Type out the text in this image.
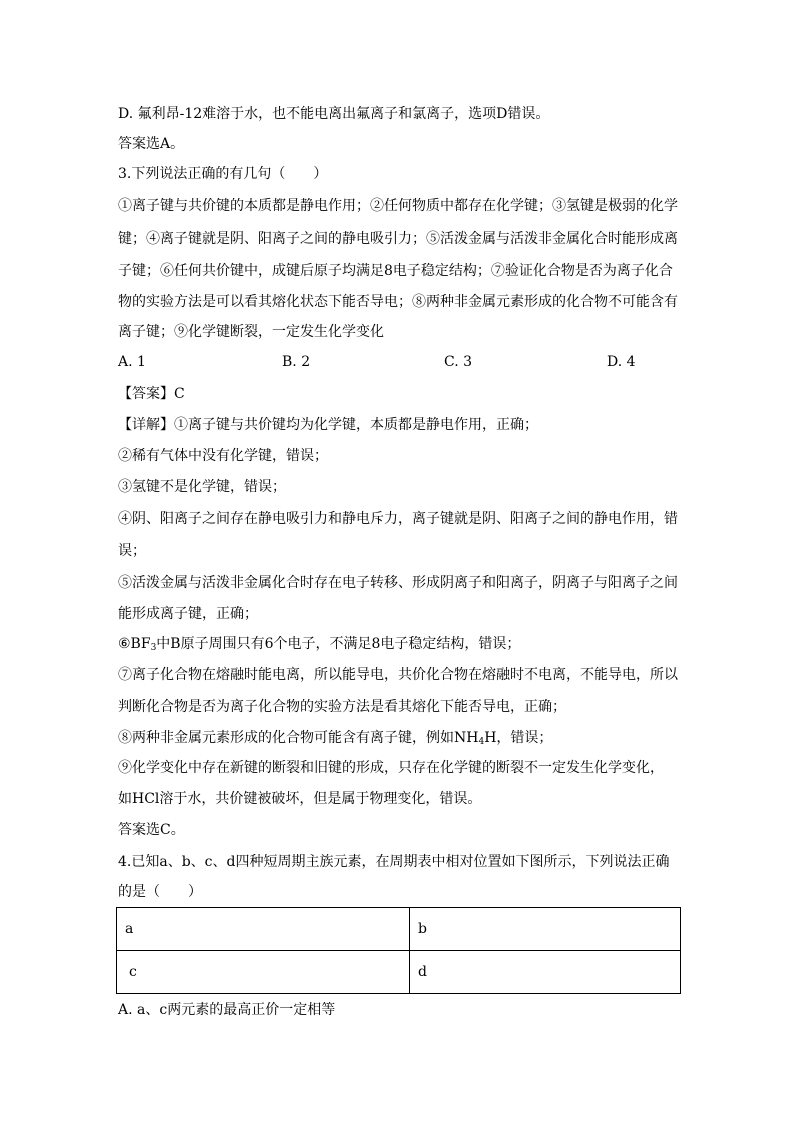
D. 氟利昂-12难溶于水，也不能电离出氟离子和氯离子，选项D错误。
答案选A。
3.下列说法正确的有几句（　　）
①离子键与共价键的本质都是静电作用；②任何物质中都存在化学键；③氢键是极弱的化学
键；④离子键就是阴、阳离子之间的静电吸引力；⑤活泼金属与活泼非金属化合时能形成离
子键；⑥任何共价键中，成键后原子均满足8电子稳定结构；⑦验证化合物是否为离子化合
物的实验方法是可以看其熔化状态下能否导电；⑧两种非金属元素形成的化合物不可能含有
离子键；⑨化学键断裂，一定发生化学变化
A. 1	B. 2	C. 3	D. 4
【答案】C
【详解】①离子键与共价键均为化学键，本质都是静电作用，正确；
②稀有气体中没有化学键，错误；
③氢键不是化学键，错误；
④阴、阳离子之间存在静电吸引力和静电斥力，离子键就是阴、阳离子之间的静电作用，错
误；
⑤活泼金属与活泼非金属化合时存在电子转移、形成阴离子和阳离子，阴离子与阳离子之间
能形成离子键，正确；
$⑥BF_3$中B原子周围只有6个电子，不满足8电子稳定结构，错误；
⑦离子化合物在熔融时能电离，所以能导电，共价化合物在熔融时不电离，不能导电，所以
判断化合物是否为离子化合物的实验方法是看其熔化下能否导电，正确；
⑧两种非金属元素形成的化合物可能含有离子键，例如$NH_4H$，错误；
⑨化学变化中存在新键的断裂和旧键的形成，只存在化学键的断裂不一定发生化学变化，
如HCl溶于水，共价键被破坏，但是属于物理变化，错误。
答案选C。
4.已知a、b、c、d四种短周期主族元素，在周期表中相对位置如下图所示，下列说法正确
的是（　　）
a	b
c	d
A. a、c两元素的最高正价一定相等
